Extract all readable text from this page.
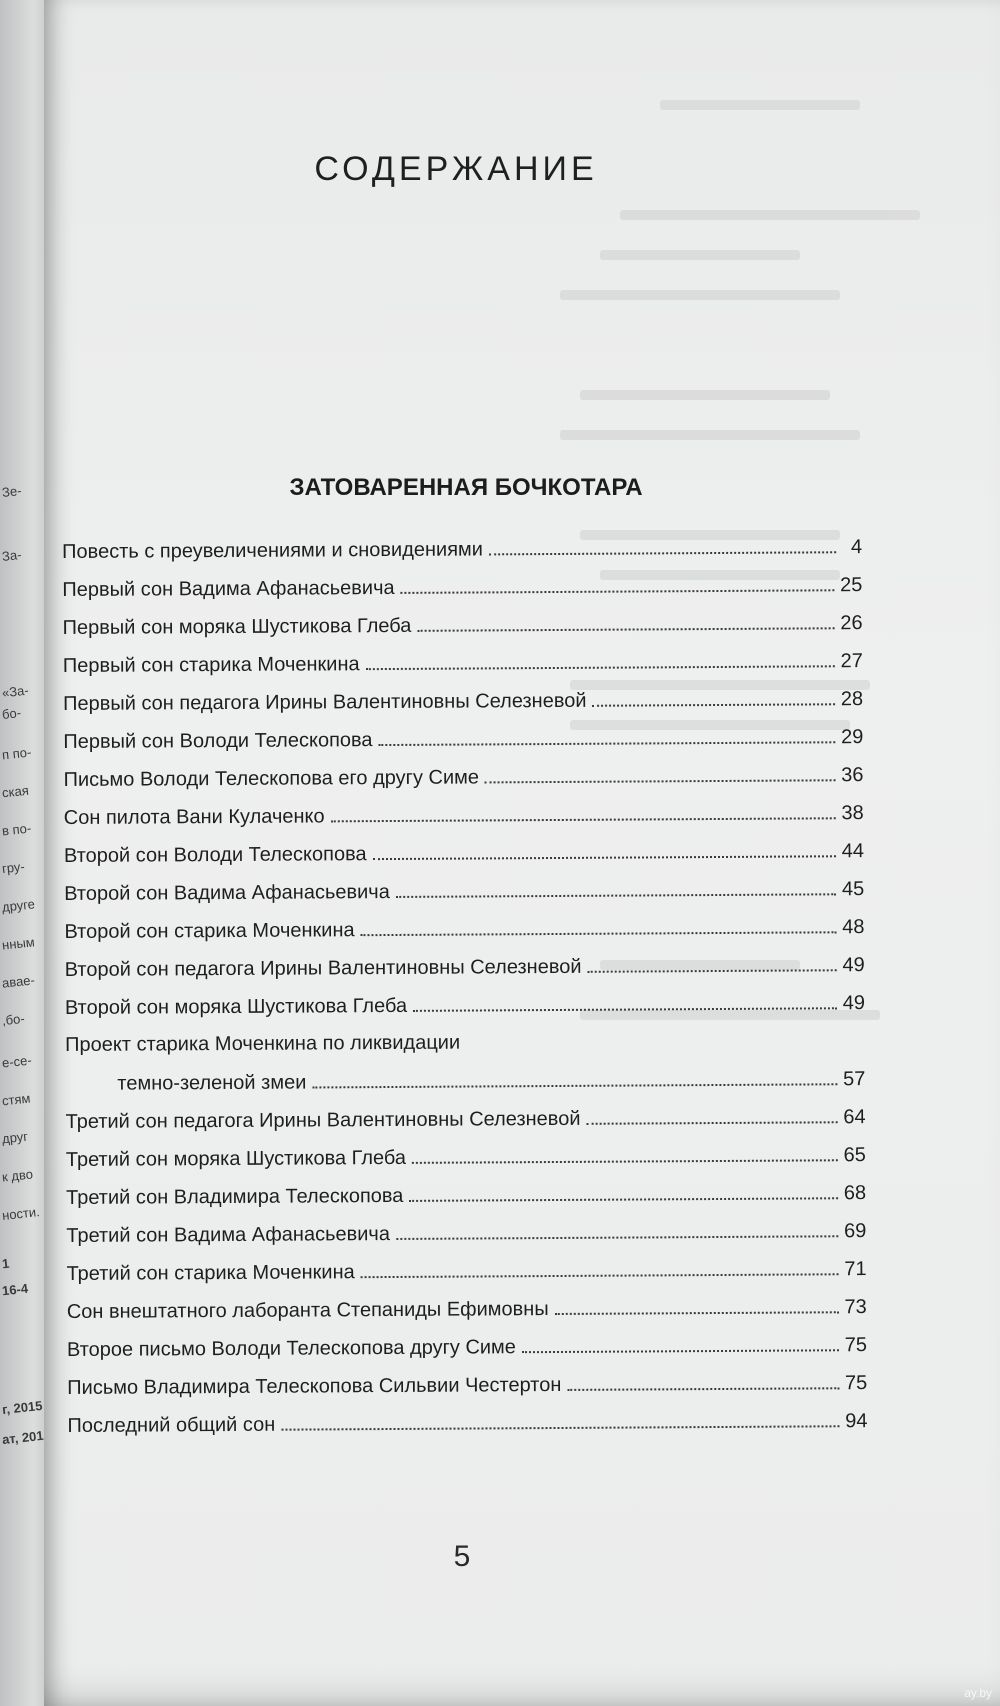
Зе-
За-
«За-
бо-
п по-
ская
в по-
гру-
друге
нным
аваe-
,бо-
е-се-
стям
друг
к дво
ности.
1
16-4
г, 2015
ат, 201
СОДЕРЖАНИЕ
ЗАТОВАРЕННАЯ БОЧКОТАРА
Повесть с преувеличениями и сновидениями	4
Первый сон Вадима Афанасьевича	25
Первый сон моряка Шустикова Глеба	26
Первый сон старика Моченкина	27
Первый сон педагога Ирины Валентиновны Селезневой	28
Первый сон Володи Телескопова	29
Письмо Володи Телескопова его другу Симе	36
Сон пилота Вани Кулаченко	38
Второй сон Володи Телескопова	44
Второй сон Вадима Афанасьевича	45
Второй сон старика Моченкина	48
Второй сон педагога Ирины Валентиновны Селезневой	49
Второй сон моряка Шустикова Глеба	49
Проект старика Моченкина по ликвидации
темно-зеленой змеи	57
Третий сон педагога Ирины Валентиновны Селезневой	64
Третий сон моряка Шустикова Глеба	65
Третий сон Владимира Телескопова	68
Третий сон Вадима Афанасьевича	69
Третий сон старика Моченкина	71
Сон внештатного лаборанта Степаниды Ефимовны	73
Второе письмо Володи Телескопова другу Симе	75
Письмо Владимира Телескопова Сильвии Честертон	75
Последний общий сон	94
5
ay.by
